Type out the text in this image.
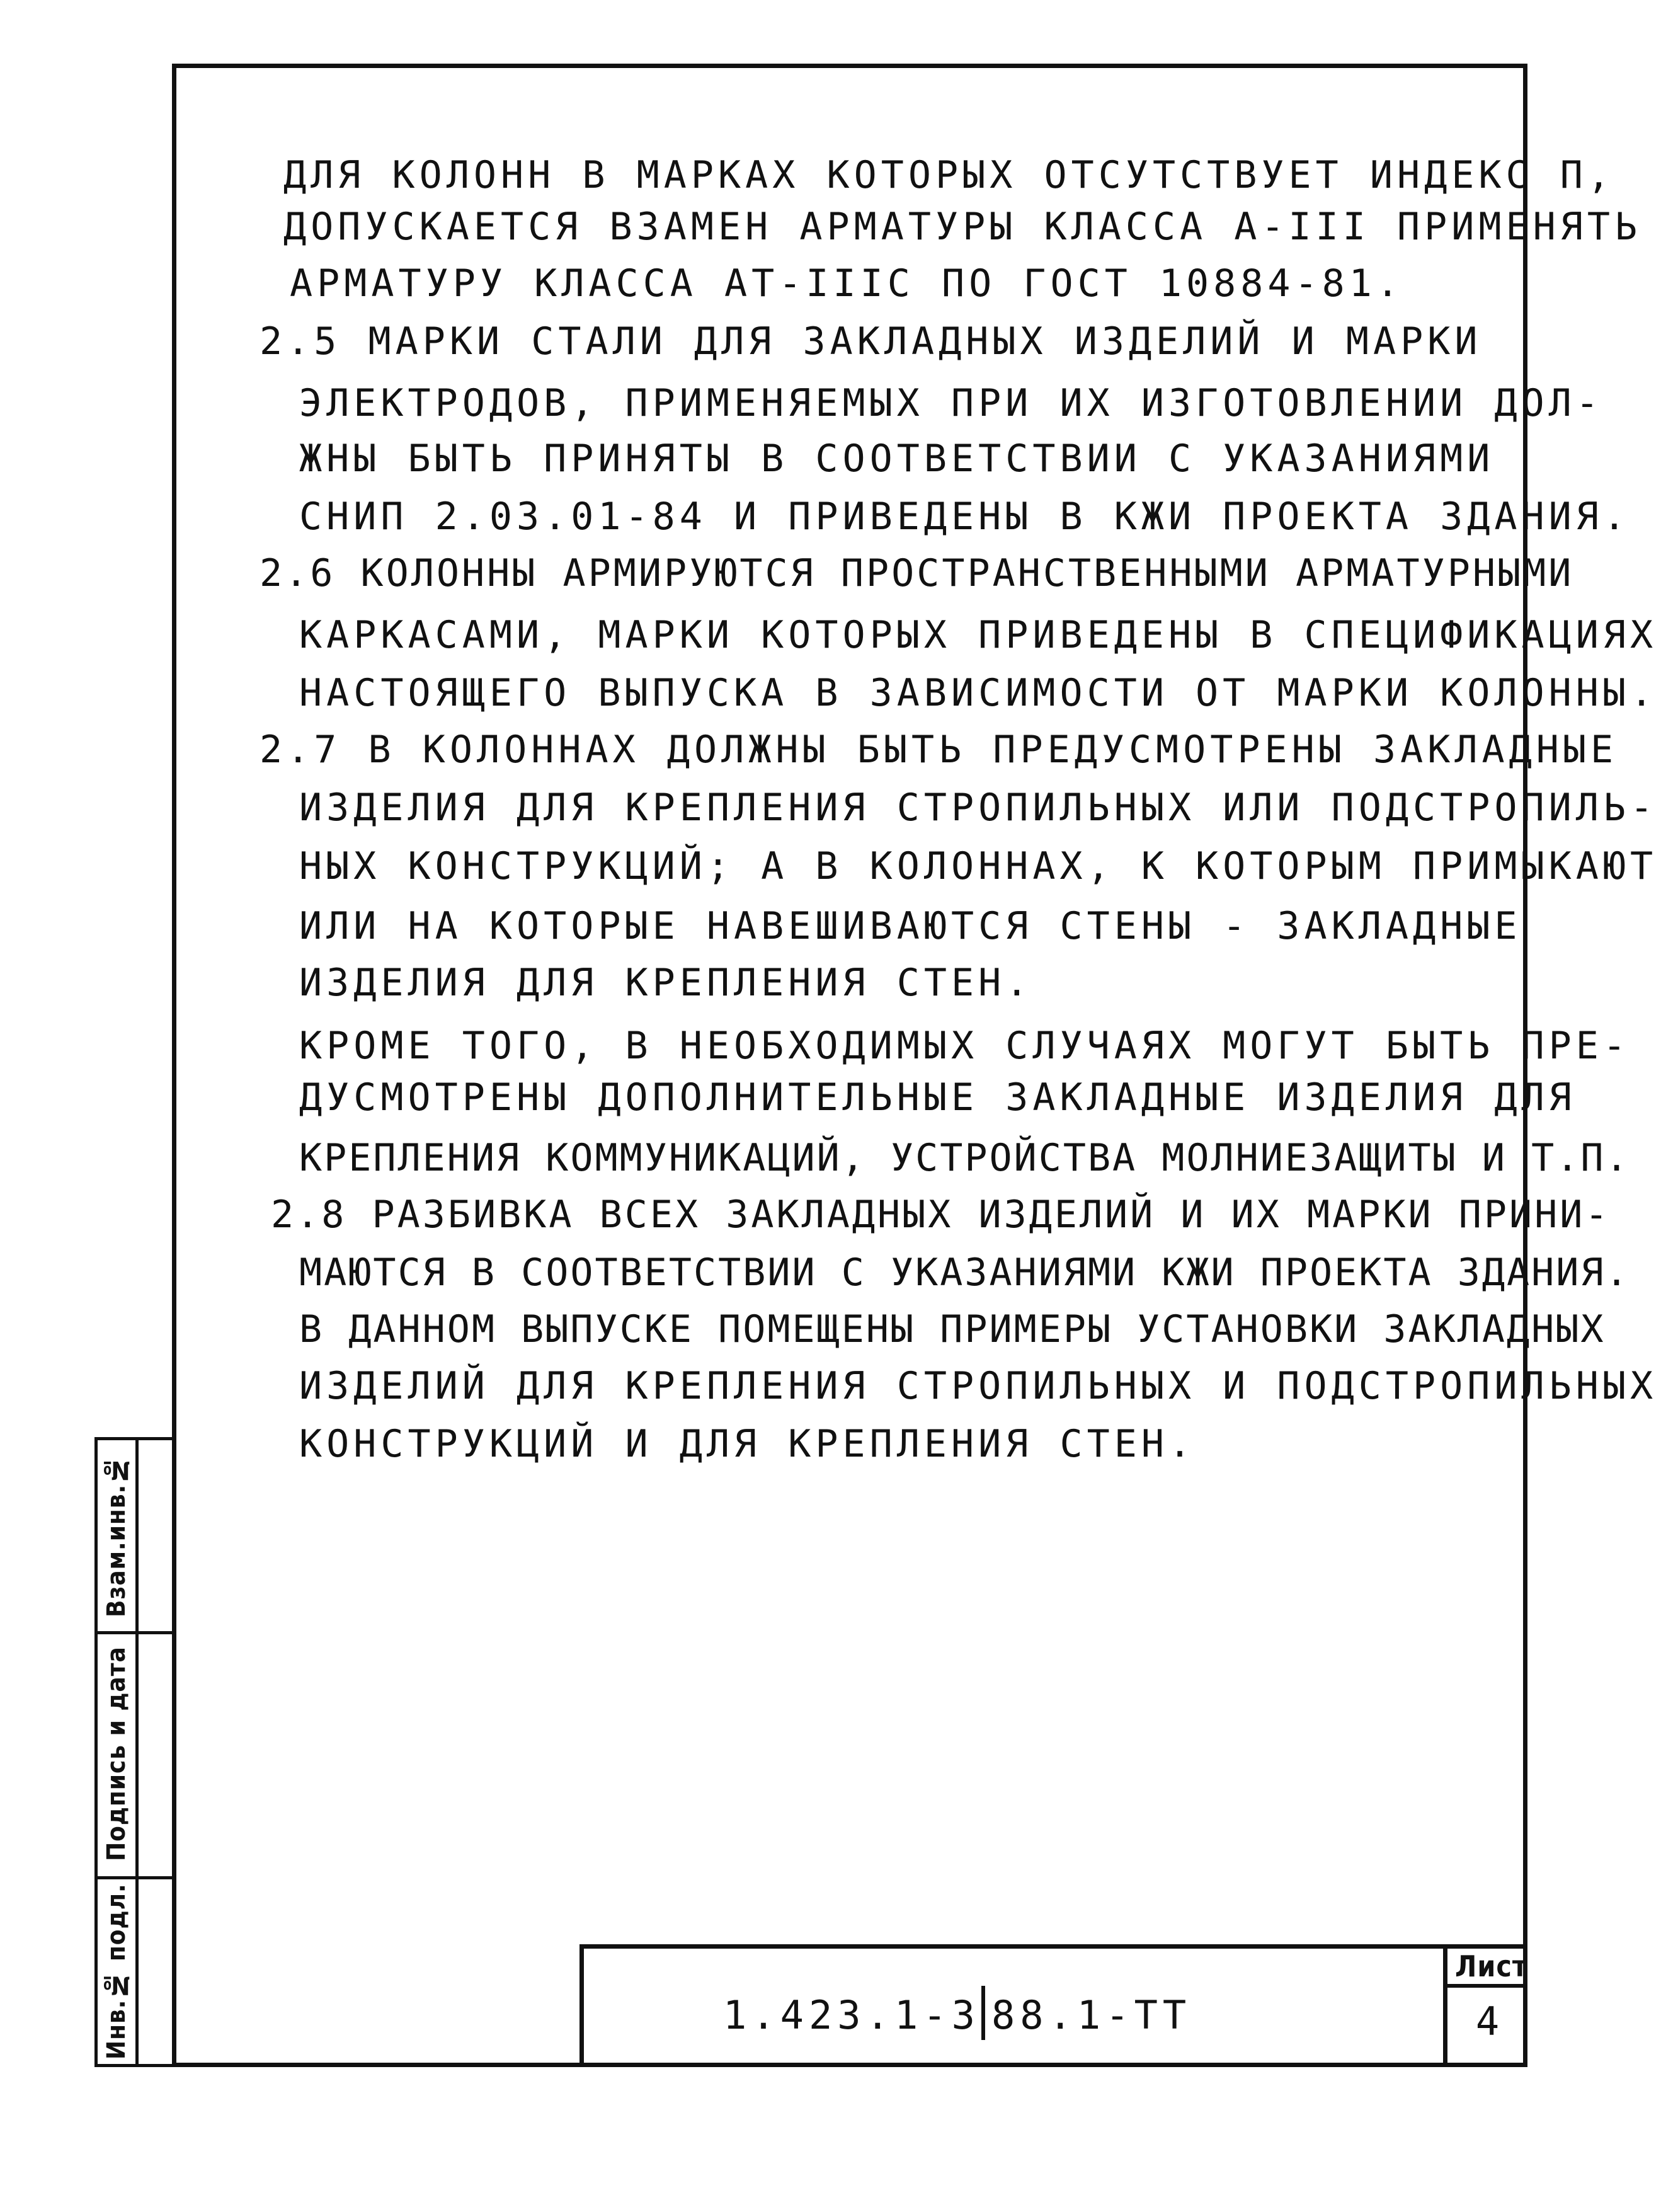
ДЛЯ КОЛОНН В МАРКАХ КОТОРЫХ ОТСУТСТВУЕТ ИНДЕКС П,
ДОПУСКАЕТСЯ ВЗАМЕН АРМАТУРЫ КЛАССА А-III ПРИМЕНЯТЬ
АРМАТУРУ КЛАССА АТ-IIIС ПО ГОСТ 10884-81.
2.5 МАРКИ СТАЛИ ДЛЯ ЗАКЛАДНЫХ ИЗДЕЛИЙ И МАРКИ
ЭЛЕКТРОДОВ, ПРИМЕНЯЕМЫХ ПРИ ИХ ИЗГОТОВЛЕНИИ ДОЛ-
ЖНЫ БЫТЬ ПРИНЯТЫ В СООТВЕТСТВИИ С УКАЗАНИЯМИ
СНИП 2.03.01-84 И ПРИВЕДЕНЫ В КЖИ ПРОЕКТА ЗДАНИЯ.
2.6 КОЛОННЫ АРМИРУЮТСЯ ПРОСТРАНСТВЕННЫМИ АРМАТУРНЫМИ
КАРКАСАМИ, МАРКИ КОТОРЫХ ПРИВЕДЕНЫ В СПЕЦИФИКАЦИЯХ
НАСТОЯЩЕГО ВЫПУСКА В ЗАВИСИМОСТИ ОТ МАРКИ КОЛОННЫ.
2.7 В КОЛОННАХ ДОЛЖНЫ БЫТЬ ПРЕДУСМОТРЕНЫ ЗАКЛАДНЫЕ
ИЗДЕЛИЯ ДЛЯ КРЕПЛЕНИЯ СТРОПИЛЬНЫХ ИЛИ ПОДСТРОПИЛЬ-
НЫХ КОНСТРУКЦИЙ; А В КОЛОННАХ, К КОТОРЫМ ПРИМЫКАЮТ
ИЛИ НА КОТОРЫЕ НАВЕШИВАЮТСЯ СТЕНЫ - ЗАКЛАДНЫЕ
ИЗДЕЛИЯ ДЛЯ КРЕПЛЕНИЯ СТЕН.
КРОМЕ ТОГО, В НЕОБХОДИМЫХ СЛУЧАЯХ МОГУТ БЫТЬ ПРЕ-
ДУСМОТРЕНЫ ДОПОЛНИТЕЛЬНЫЕ ЗАКЛАДНЫЕ ИЗДЕЛИЯ ДЛЯ
КРЕПЛЕНИЯ КОММУНИКАЦИЙ, УСТРОЙСТВА МОЛНИЕЗАЩИТЫ И Т.П.
2.8 РАЗБИВКА ВСЕХ ЗАКЛАДНЫХ ИЗДЕЛИЙ И ИХ МАРКИ ПРИНИ-
МАЮТСЯ В СООТВЕТСТВИИ С УКАЗАНИЯМИ КЖИ ПРОЕКТА ЗДАНИЯ.
В ДАННОМ ВЫПУСКЕ ПОМЕЩЕНЫ ПРИМЕРЫ УСТАНОВКИ ЗАКЛАДНЫХ
ИЗДЕЛИЙ ДЛЯ КРЕПЛЕНИЯ СТРОПИЛЬНЫХ И ПОДСТРОПИЛЬНЫХ
КОНСТРУКЦИЙ И ДЛЯ КРЕПЛЕНИЯ СТЕН.
Взам.инв.№
Подпись и дата
Инв.№ подл.	1.423.1-3 88.1-ТТ
Лист
4
